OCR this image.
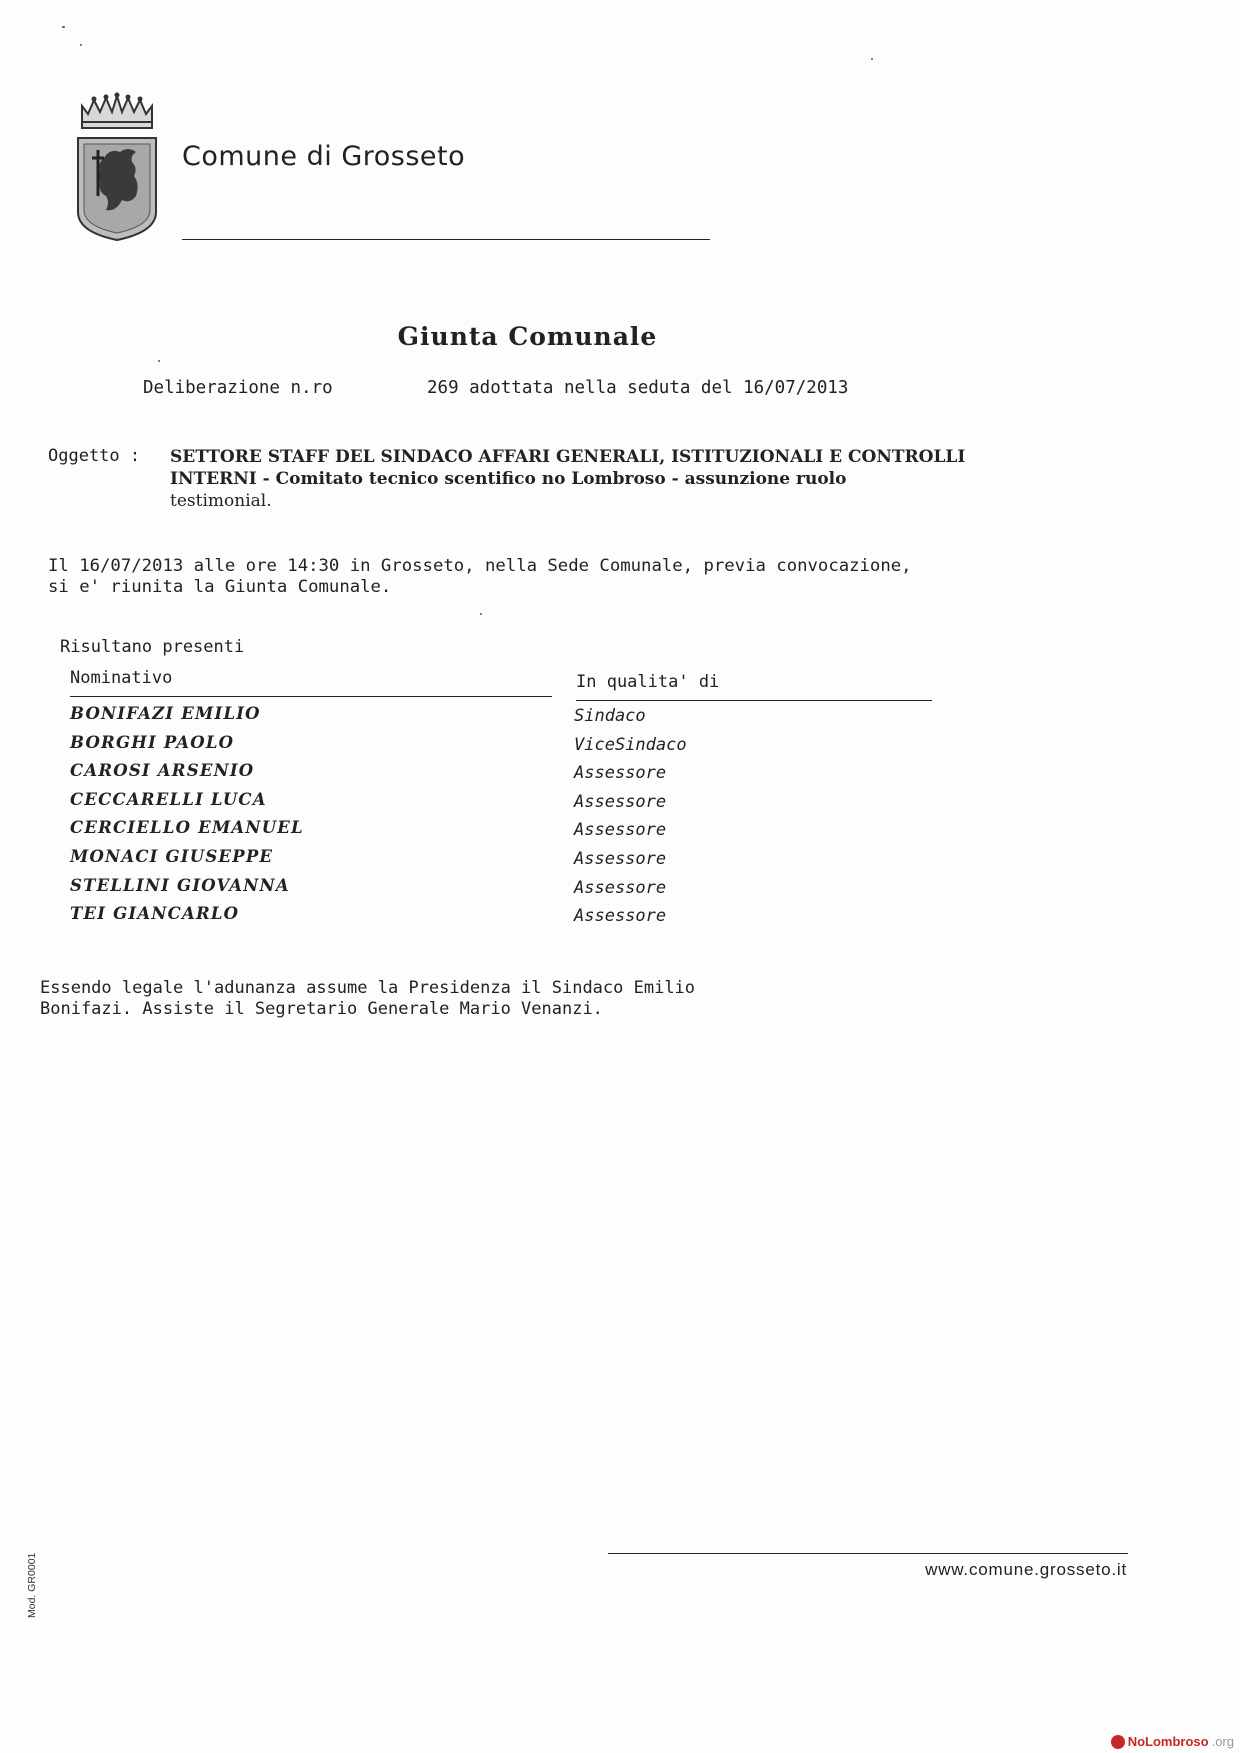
Comune di Grosseto
Giunta Comunale
Deliberazione n.ro	269 adottata nella seduta del 16/07/2013
Oggetto : SETTORE STAFF DEL SINDACO AFFARI GENERALI, ISTITUZIONALI E CONTROLLI
INTERNI - Comitato tecnico scentifico no Lombroso - assunzione ruolo
testimonial.

Il 16/07/2013 alle ore 14:30 in Grosseto, nella Sede Comunale, previa convocazione,
si e' riunita la Giunta Comunale.

Risultano presenti
Nominativo	In qualita' di
BONIFAZI EMILIO	Sindaco
BORGHI PAOLO	ViceSindaco
CAROSI ARSENIO	Assessore
CECCARELLI LUCA	Assessore
CERCIELLO EMANUEL	Assessore
MONACI GIUSEPPE	Assessore
STELLINI GIOVANNA	Assessore
TEI GIANCARLO	Assessore

Essendo legale l'adunanza assume la Presidenza il Sindaco Emilio
Bonifazi. Assiste il Segretario Generale Mario Venanzi.

www.comune.grosseto.it
Mod. GR0001
NoLombroso .org
